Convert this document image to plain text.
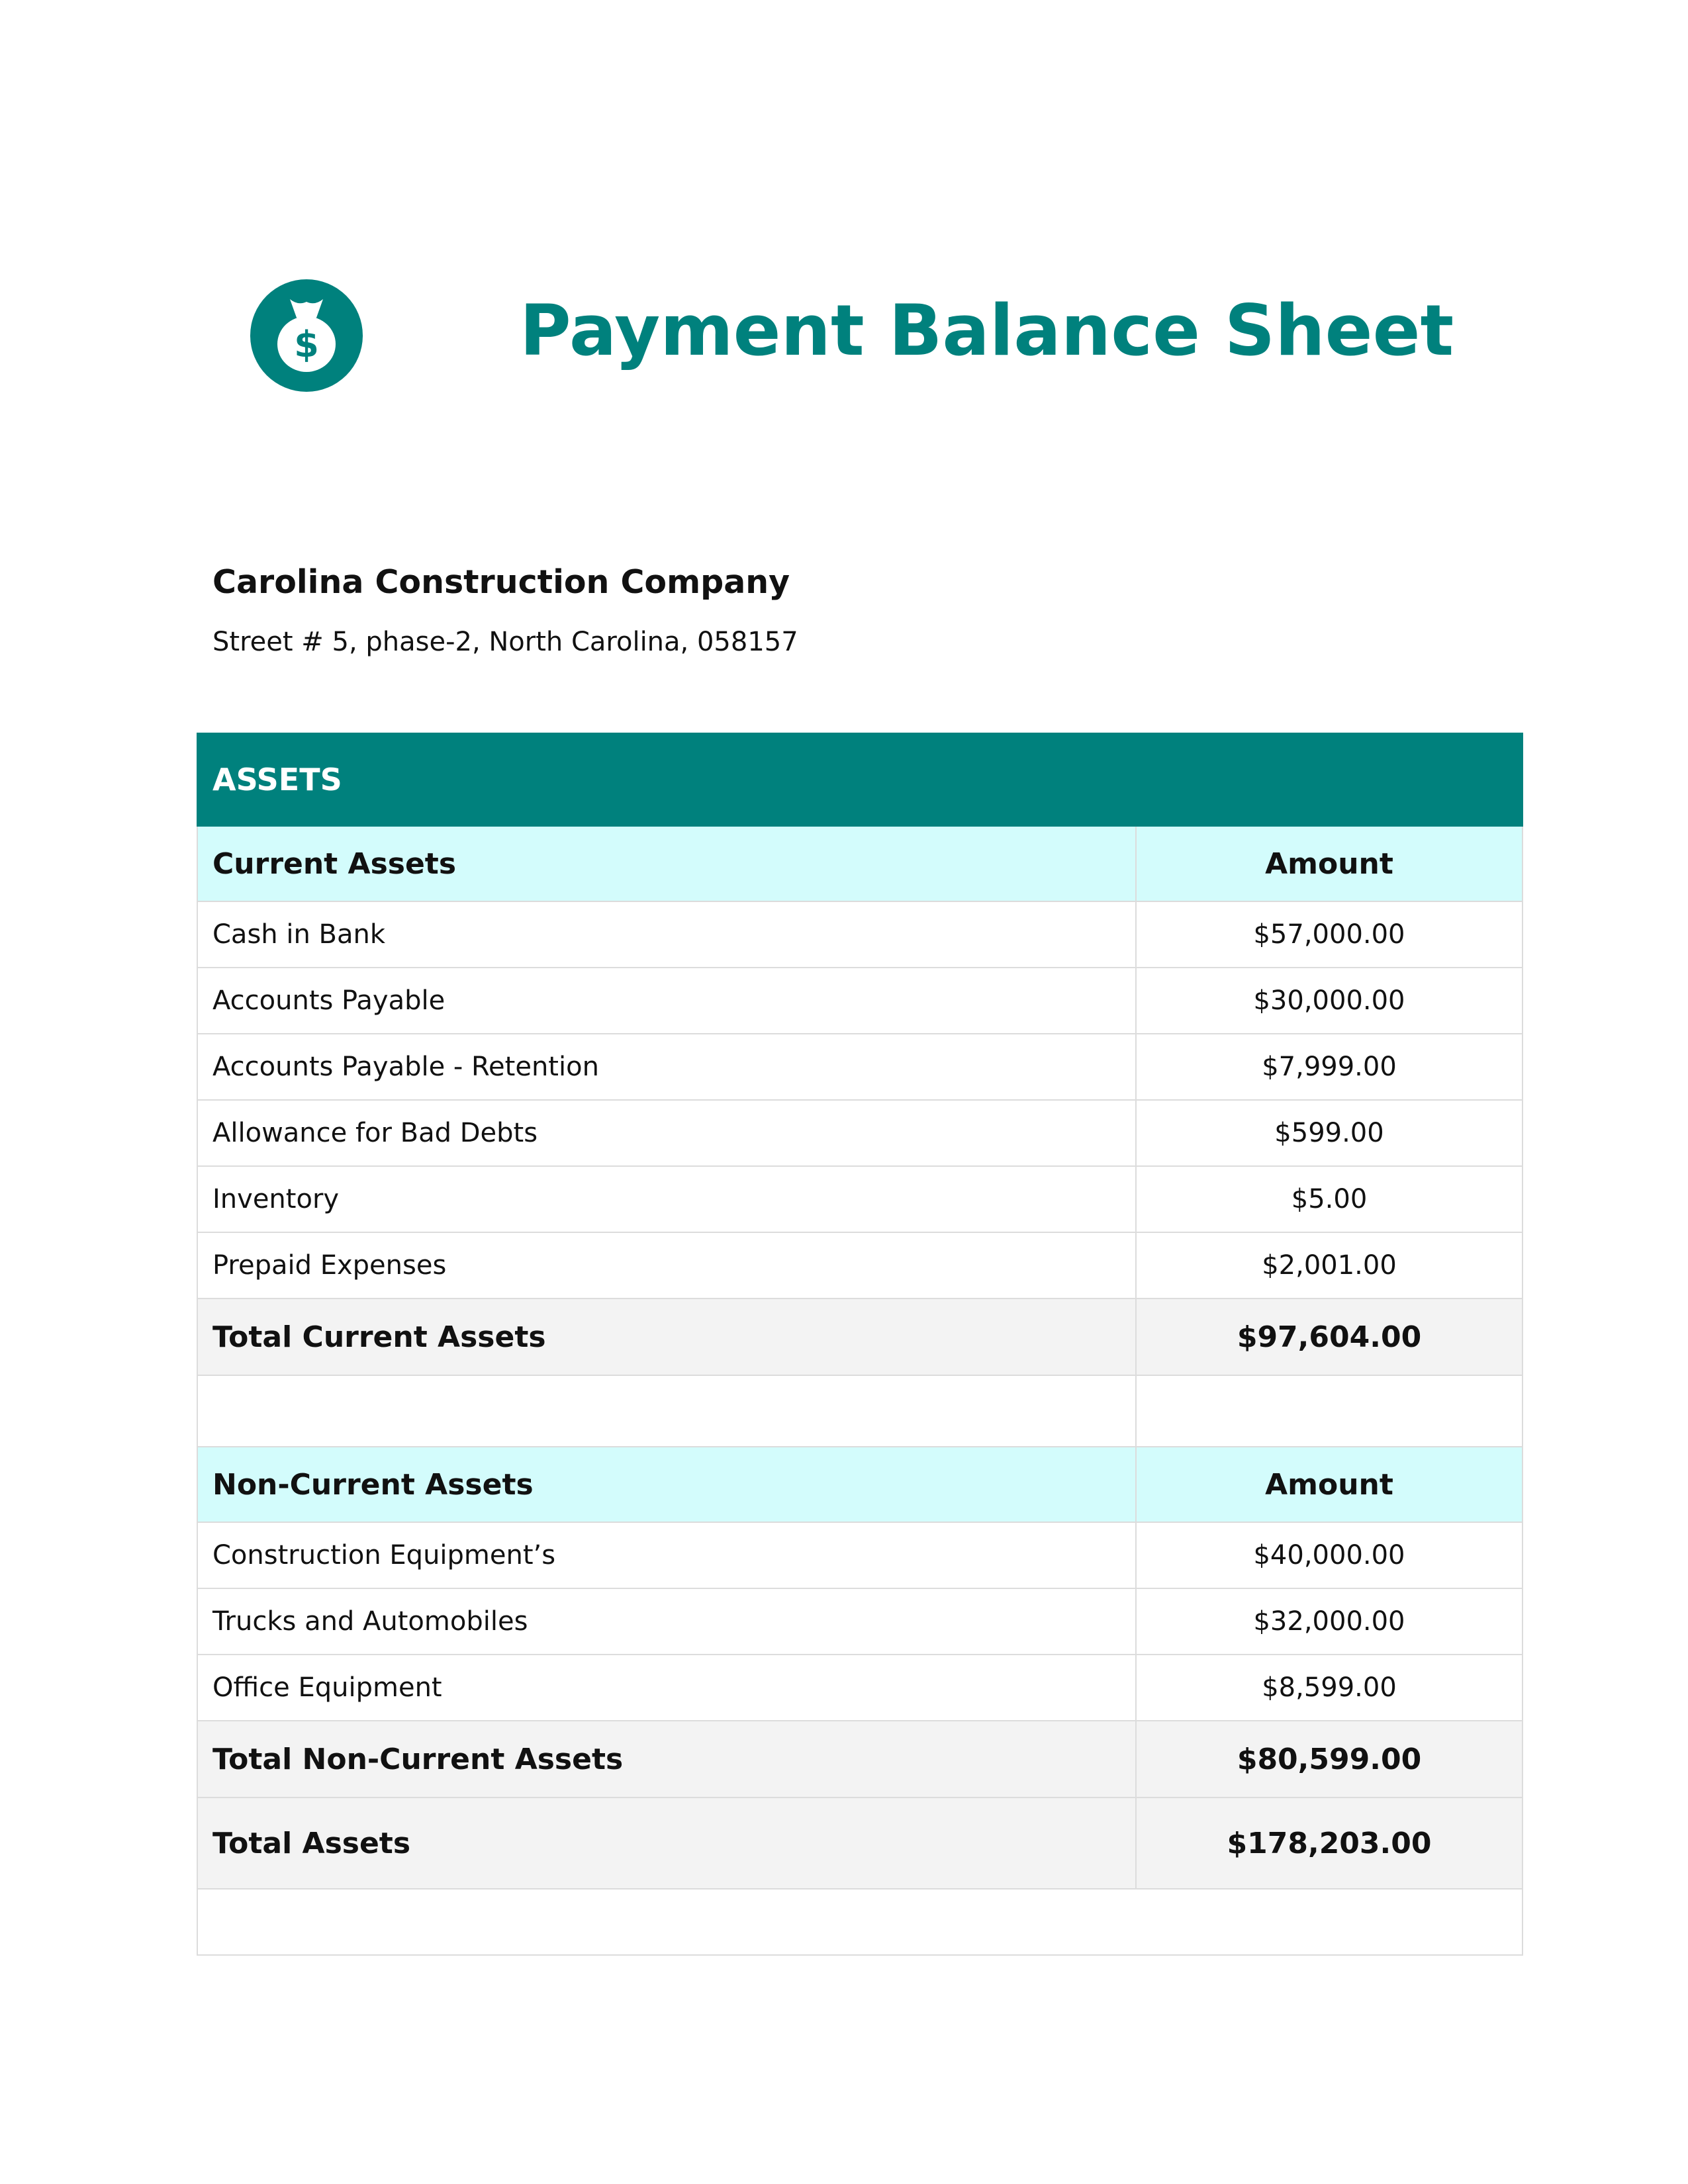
$	Payment Balance Sheet
Carolina Construction Company
Street # 5, phase-2, North Carolina, 058157
ASSETS	
Current Assets	Amount
Cash in Bank	$57,000.00
Accounts Payable	$30,000.00
Accounts Payable - Retention	$7,999.00
Allowance for Bad Debts	$599.00
Inventory	$5.00
Prepaid Expenses	$2,001.00
Total Current Assets	$97,604.00

Non-Current Assets	Amount
Construction Equipment’s	$40,000.00
Trucks and Automobiles	$32,000.00
Office Equipment	$8,599.00
Total Non-Current Assets	$80,599.00
Total Assets	$178,203.00
